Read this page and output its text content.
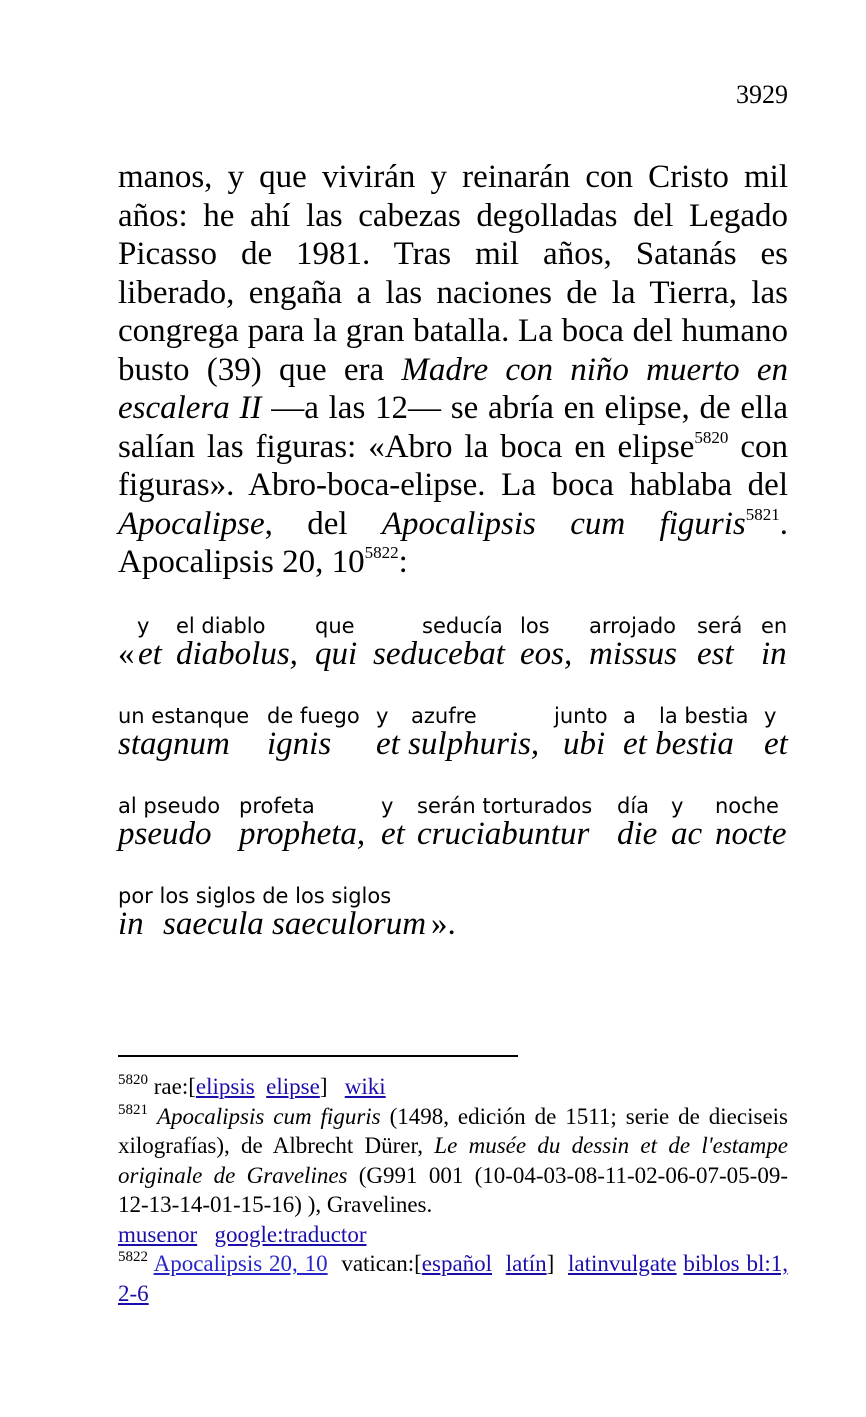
3929

manos, y que vivirán y reinarán con Cristo mil años: he ahí las cabezas degolladas del Legado Picasso de 1981. Tras mil años, Satanás es liberado, engaña a las naciones de la Tierra, las congrega para la gran batalla. La boca del humano busto (39) que era Madre con niño muerto en escalera II —a las 12— se abría en elipse, de ella salían las figuras: «Abro la boca en elipse$^{5820}$ con figuras». Abro-boca-elipse. La boca hablaba del Apocalipse, del Apocalipsis cum figuris$^{5821}$. Apocalipsis 20, $10^{5822}$:

y el diablo que	seducía los arrojado será en
« et diabolus, qui seducebat eos, missus est in
un estanque de fuego y azufre	junto a la bestia y
stagnum ignis et sulphuris, ubi et bestia et
al pseudo profeta	y serán torturados día y noche
pseudo propheta, et cruciabuntur die ac nocte
por los siglos de los siglos
in saecula saeculorum ».

$^{5820}$ rae:[elipsis elipse] wiki

$^{5821}$ Apocalipsis cum figuris (1498, edición de 1511; serie de dieciseis xilografías), de Albrecht Dürer, Le musée du dessin et de l'estampe originale de Gravelines (G991 001 (10-04-03-08-11-02-06-07-05-09-12-13-14-01-15-16) ), Gravelines.
musenor google:traductor

$^{5822}$ Apocalipsis 20, 10  vatican:[español latín] latinvulgate biblos bl:1, 2-6
